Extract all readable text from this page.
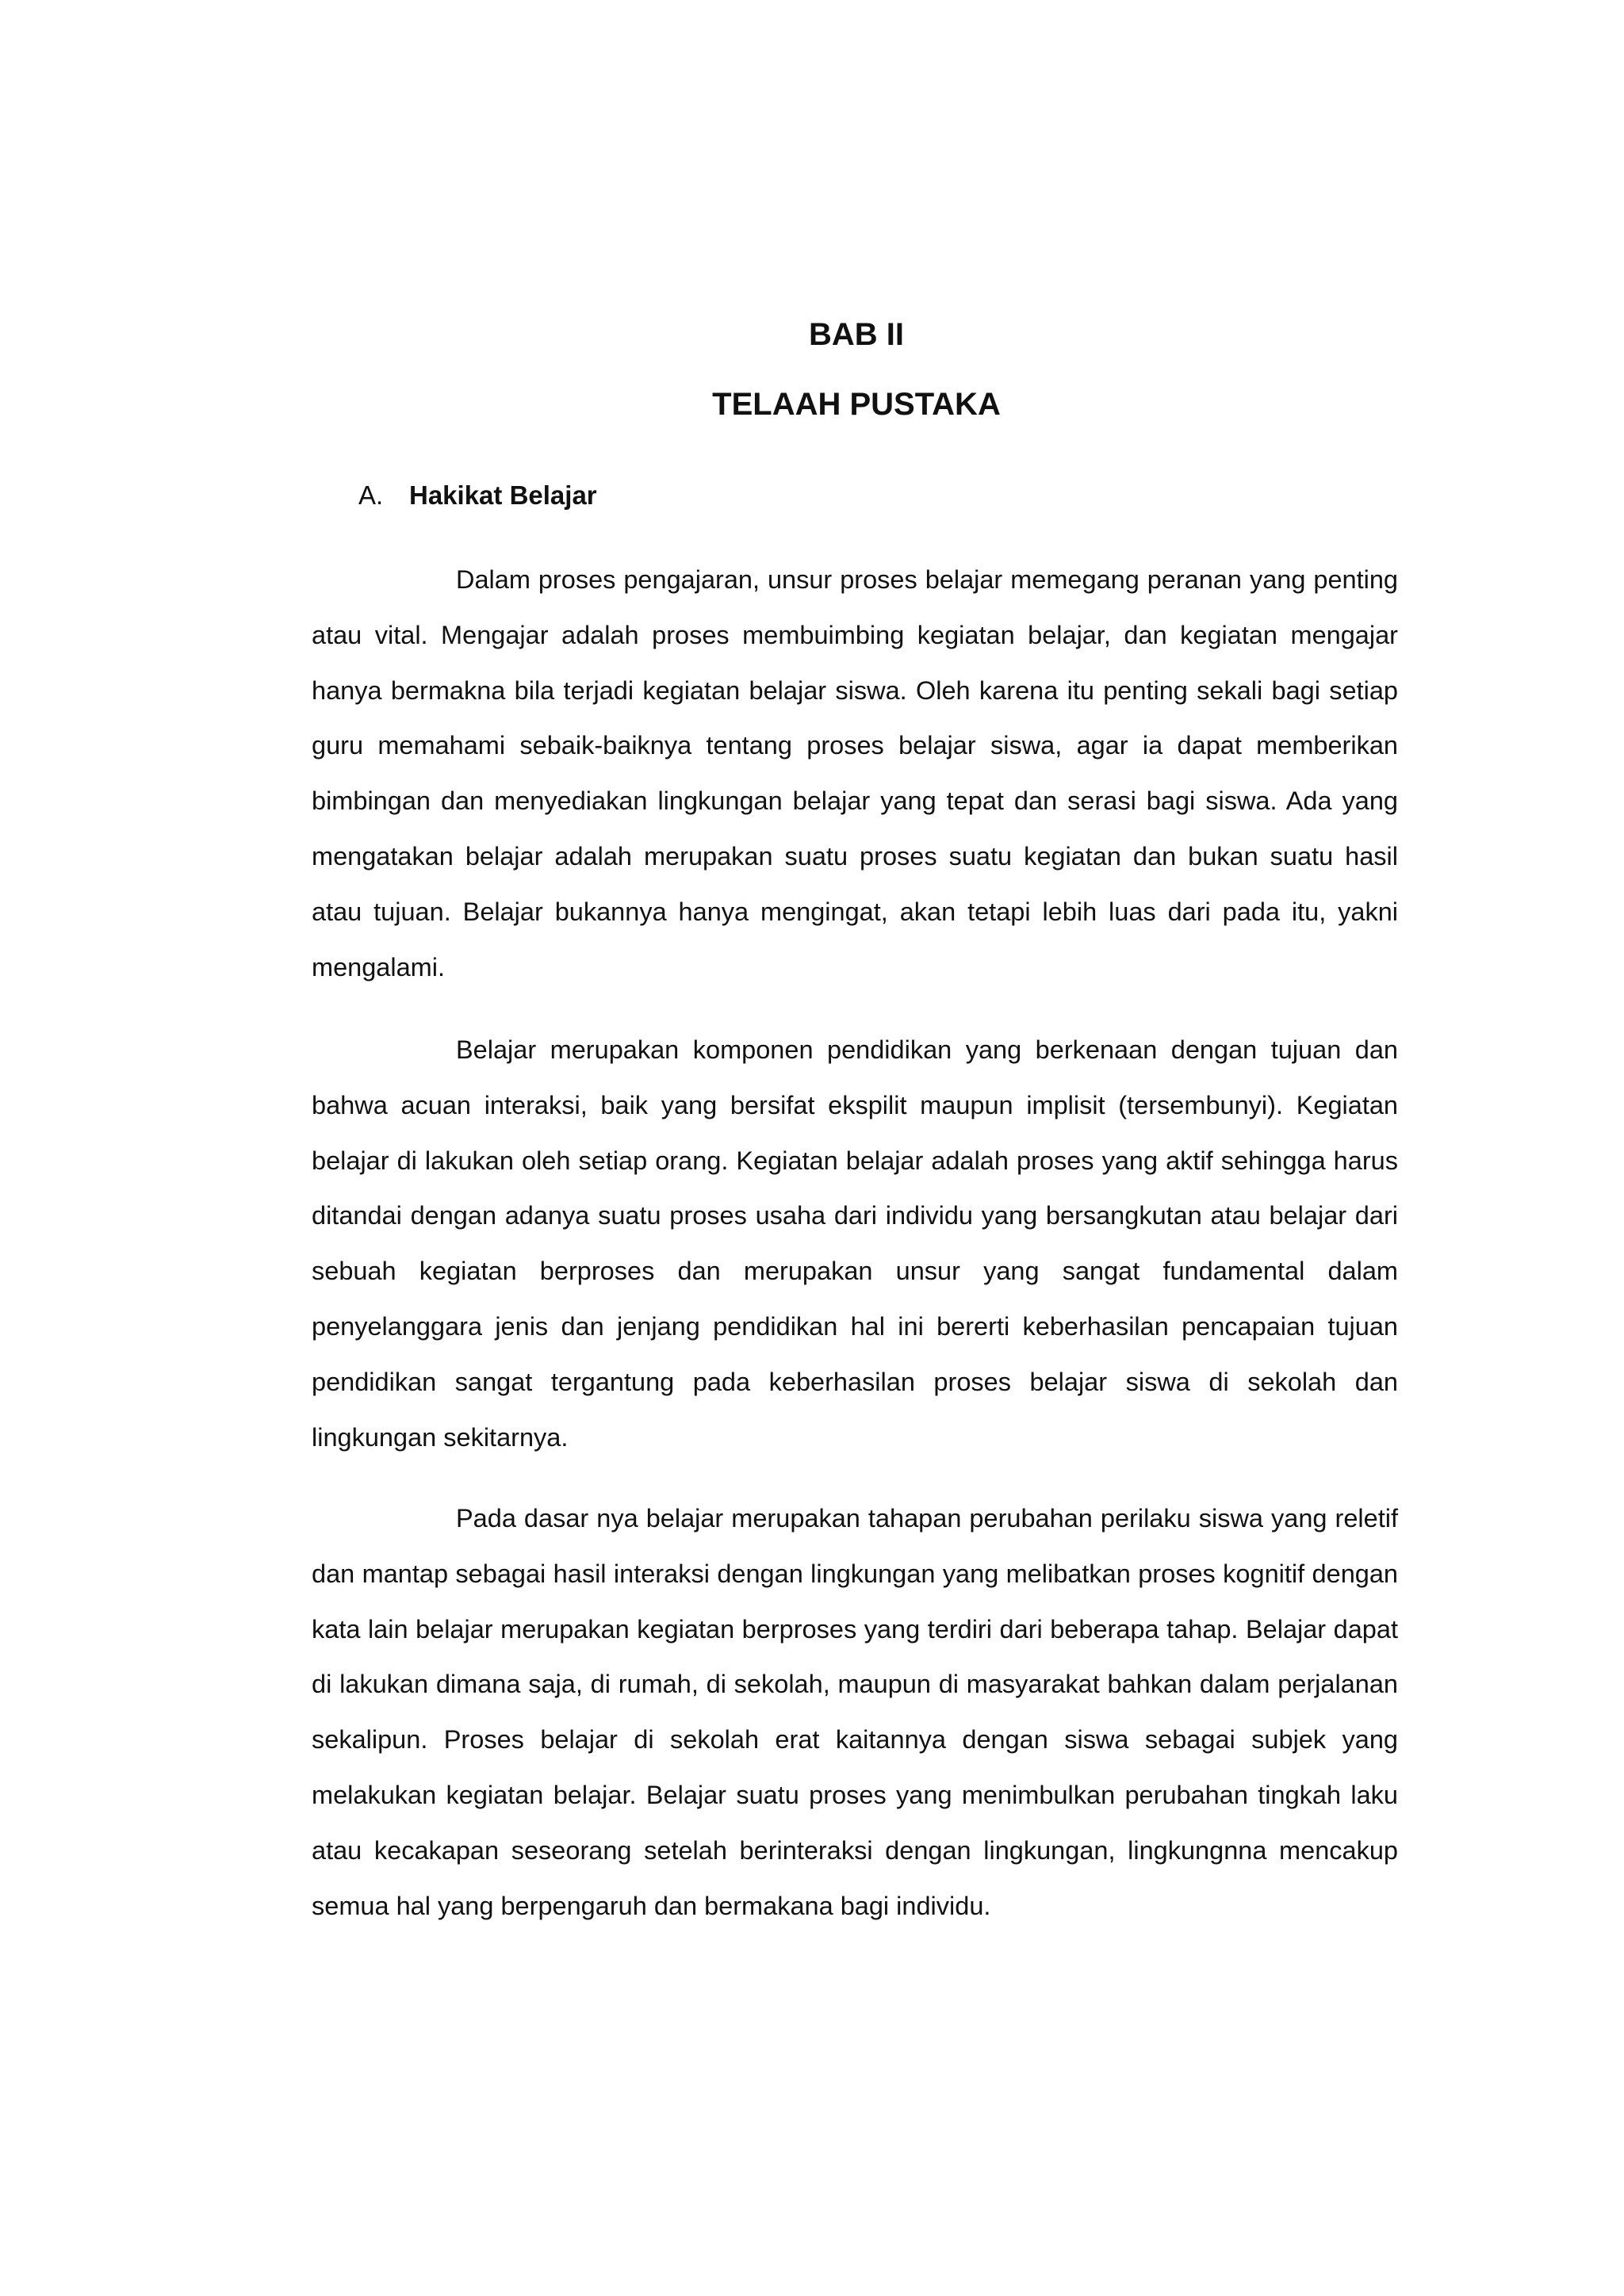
BAB II
TELAAH PUSTAKA
A. Hakikat Belajar

Dalam proses pengajaran, unsur proses belajar memegang peranan yang penting atau vital. Mengajar adalah proses membuimbing kegiatan belajar, dan kegiatan mengajar hanya bermakna bila terjadi kegiatan belajar siswa. Oleh karena itu penting sekali bagi setiap guru memahami sebaik-baiknya tentang proses belajar siswa, agar ia dapat memberikan bimbingan dan menyediakan lingkungan belajar yang tepat dan serasi bagi siswa. Ada yang mengatakan belajar adalah merupakan suatu proses suatu kegiatan dan bukan suatu hasil atau tujuan. Belajar bukannya hanya mengingat, akan tetapi lebih luas dari pada itu, yakni mengalami.

Belajar merupakan komponen pendidikan yang berkenaan dengan tujuan dan bahwa acuan interaksi, baik yang bersifat ekspilit maupun implisit (tersembunyi). Kegiatan belajar di lakukan oleh setiap orang. Kegiatan belajar adalah proses yang aktif sehingga harus ditandai dengan adanya suatu proses usaha dari individu yang bersangkutan atau belajar dari sebuah kegiatan berproses dan merupakan unsur yang sangat fundamental dalam penyelanggara jenis dan jenjang pendidikan hal ini bererti keberhasilan pencapaian tujuan pendidikan sangat tergantung pada keberhasilan proses belajar siswa di sekolah dan lingkungan sekitarnya.

Pada dasar nya belajar merupakan tahapan perubahan perilaku siswa yang reletif dan mantap sebagai hasil interaksi dengan lingkungan yang melibatkan proses kognitif dengan kata lain belajar merupakan kegiatan berproses yang terdiri dari beberapa tahap. Belajar dapat di lakukan dimana saja, di rumah, di sekolah, maupun di masyarakat bahkan dalam perjalanan sekalipun. Proses belajar di sekolah erat kaitannya dengan siswa sebagai subjek yang melakukan kegiatan belajar. Belajar suatu proses yang menimbulkan perubahan tingkah laku atau kecakapan seseorang setelah berinteraksi dengan lingkungan, lingkungnna mencakup semua hal yang berpengaruh dan bermakana bagi individu.
